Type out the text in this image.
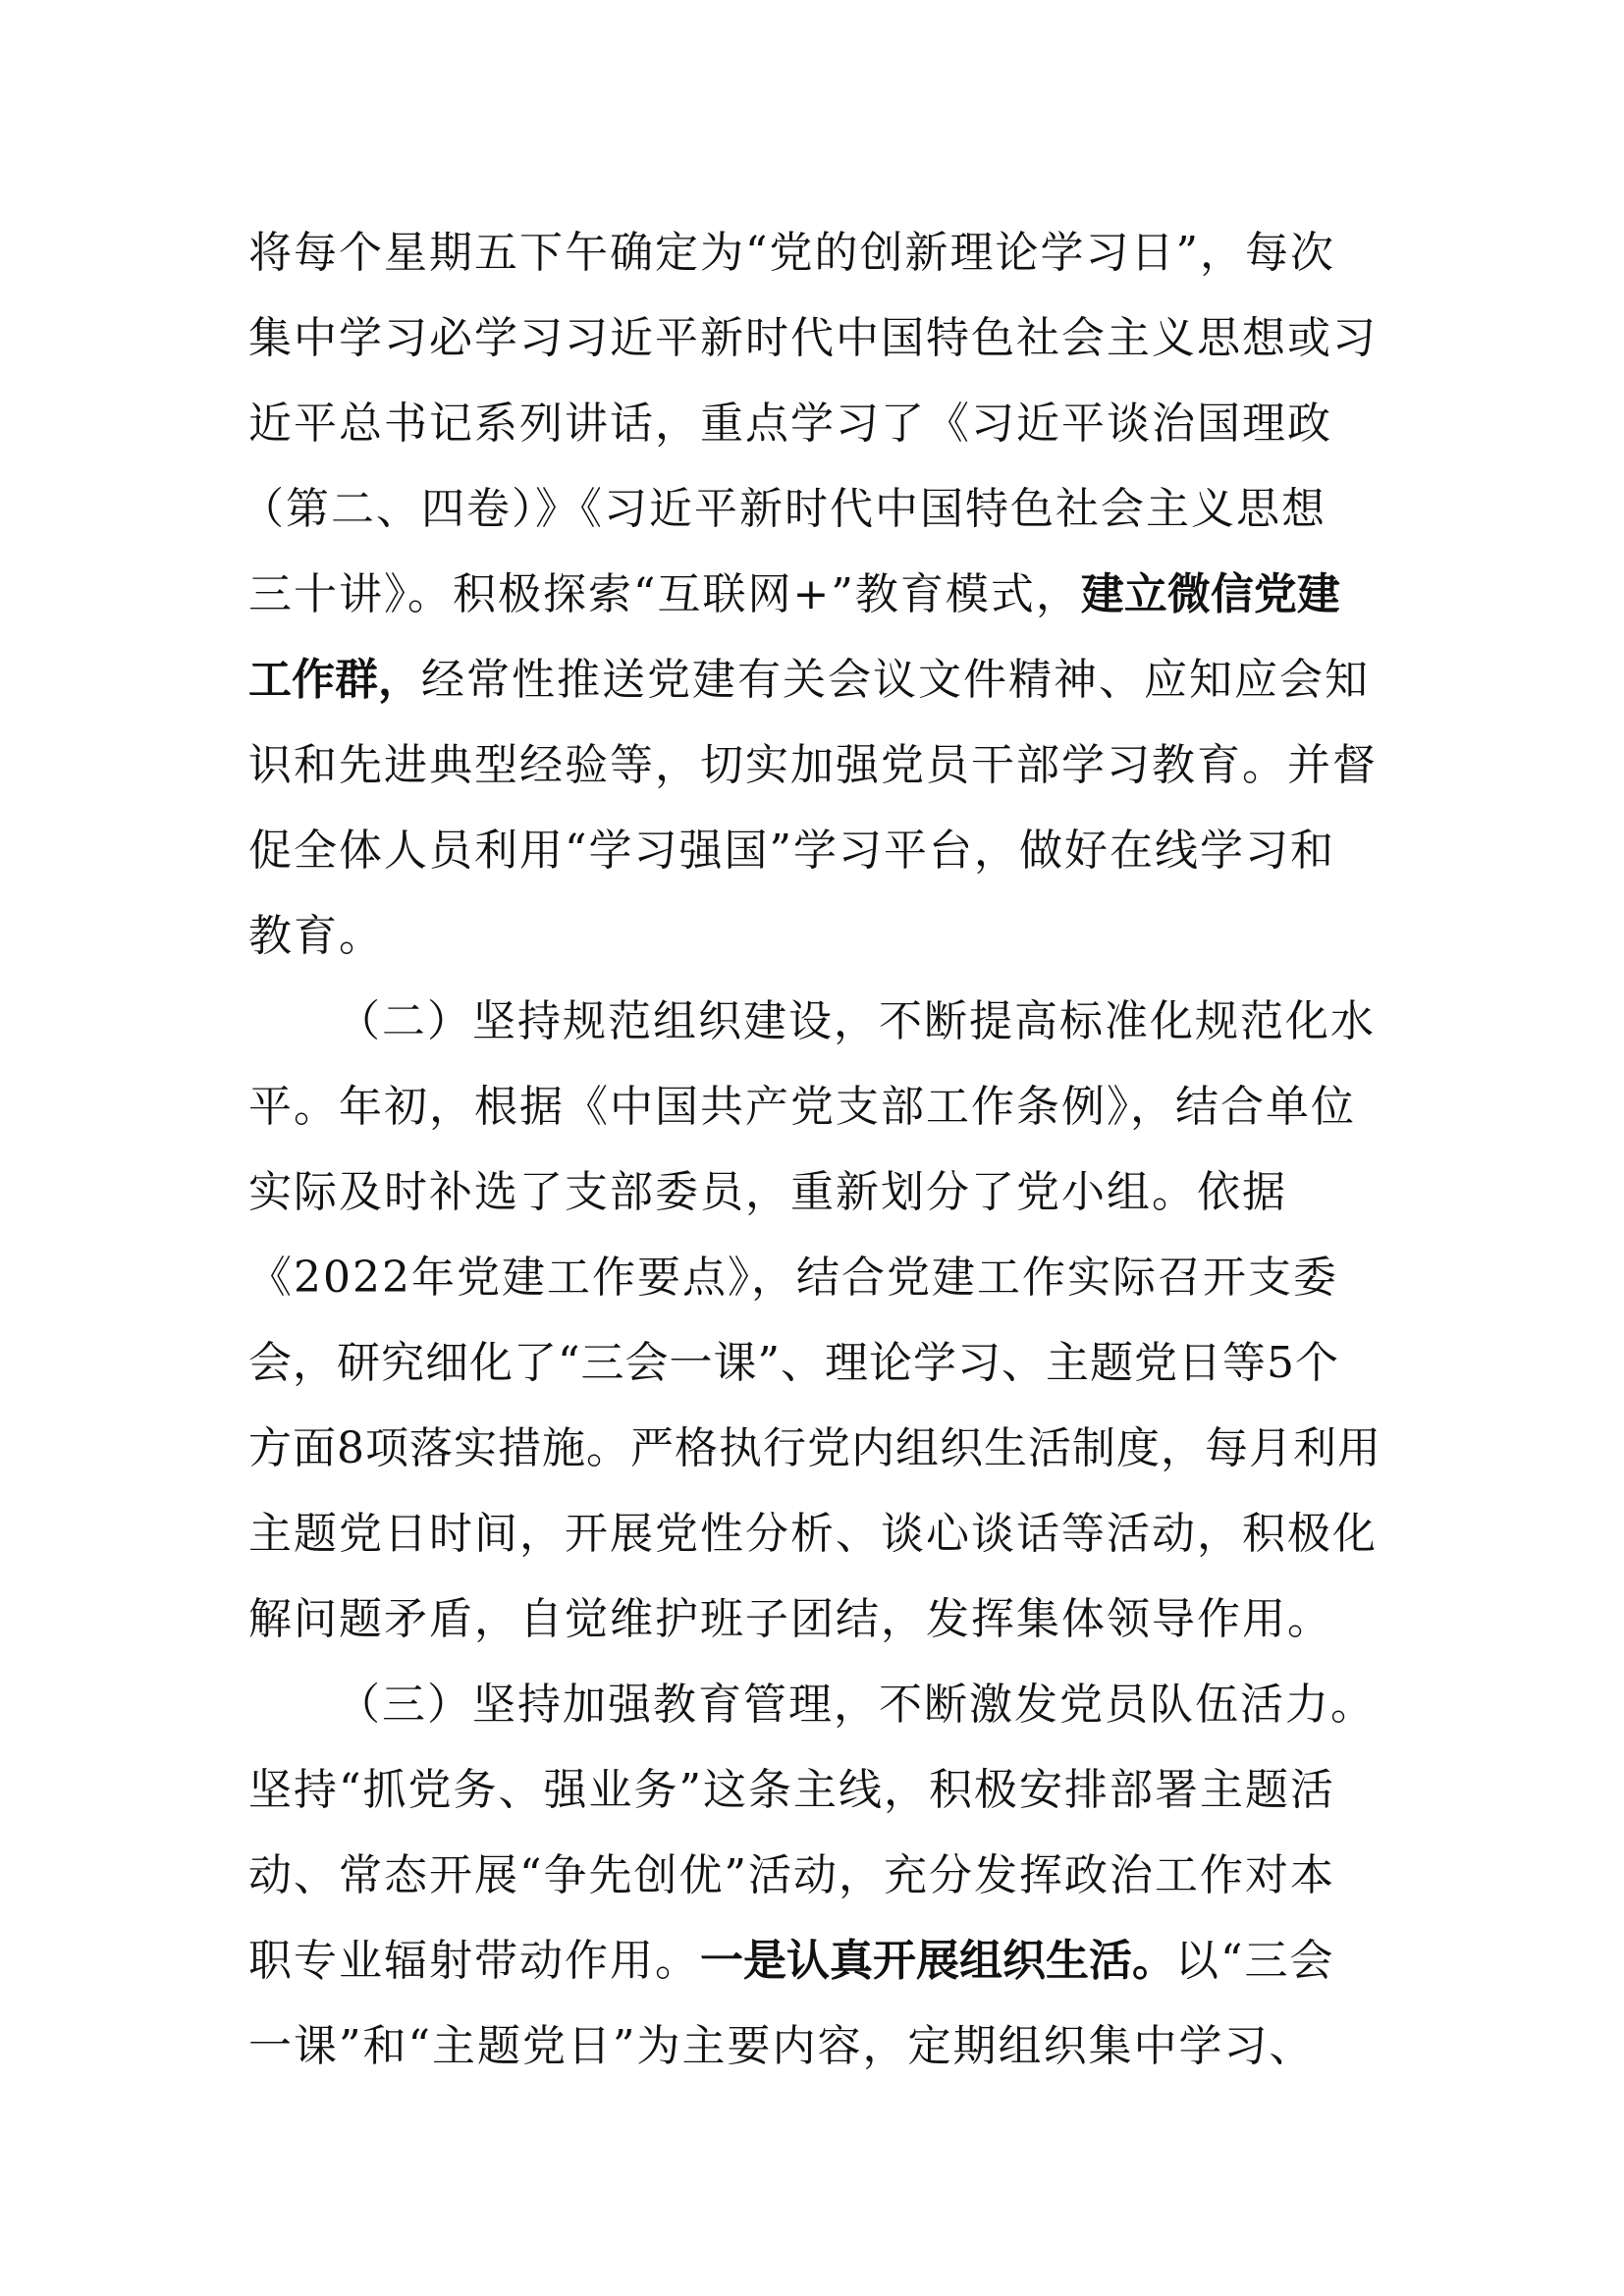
将每个星期五下午确定为“党的创新理论学习日”，每次
集中学习必学习习近平新时代中国特色社会主义思想或习
近平总书记系列讲话，重点学习了《习近平谈治国理政
（第二、四卷）》《习近平新时代中国特色社会主义思想
三十讲》。积极探索“互联网+”教育模式，建立微信党建
工作群，经常性推送党建有关会议文件精神、应知应会知
识和先进典型经验等，切实加强党员干部学习教育。并督
促全体人员利用“学习强国”学习平台，做好在线学习和
教育。
（二）坚持规范组织建设，不断提高标准化规范化水
平。年初，根据《中国共产党支部工作条例》，结合单位
实际及时补选了支部委员，重新划分了党小组。依据
《2022年党建工作要点》，结合党建工作实际召开支委
会，研究细化了“三会一课”、理论学习、主题党日等5个
方面8项落实措施。严格执行党内组织生活制度，每月利用
主题党日时间，开展党性分析、谈心谈话等活动，积极化
解问题矛盾，自觉维护班子团结，发挥集体领导作用。
（三）坚持加强教育管理，不断激发党员队伍活力。
坚持“抓党务、强业务”这条主线，积极安排部署主题活
动、常态开展“争先创优”活动，充分发挥政治工作对本
职专业辐射带动作用。一是认真开展组织生活。以“三会
一课”和“主题党日”为主要内容，定期组织集中学习、
